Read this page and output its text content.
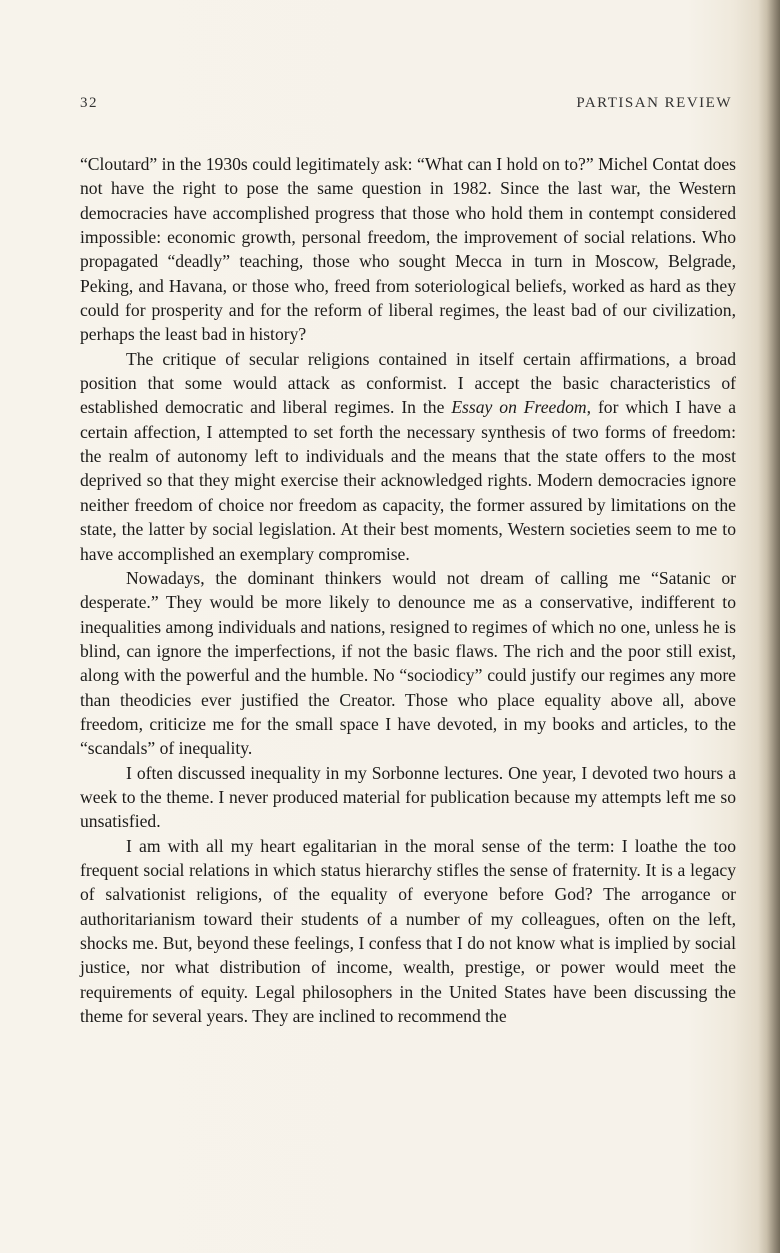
32	PARTISAN REVIEW

“Cloutard” in the 1930s could legitimately ask: “What can I hold on to?” Michel Contat does not have the right to pose the same question in 1982. Since the last war, the Western democracies have accomplished progress that those who hold them in contempt considered impossible: economic growth, personal freedom, the improvement of social relations. Who propagated “deadly” teaching, those who sought Mecca in turn in Moscow, Belgrade, Peking, and Havana, or those who, freed from soteriological beliefs, worked as hard as they could for prosperity and for the reform of liberal regimes, the least bad of our civilization, perhaps the least bad in history?

The critique of secular religions contained in itself certain affirmations, a broad position that some would attack as conformist. I accept the basic characteristics of established democratic and liberal regimes. In the Essay on Freedom, for which I have a certain affection, I attempted to set forth the necessary synthesis of two forms of freedom: the realm of autonomy left to individuals and the means that the state offers to the most deprived so that they might exercise their acknowledged rights. Modern democracies ignore neither freedom of choice nor freedom as capacity, the former assured by limitations on the state, the latter by social legislation. At their best moments, Western societies seem to me to have accomplished an exemplary compromise.

Nowadays, the dominant thinkers would not dream of calling me “Satanic or desperate.” They would be more likely to denounce me as a conservative, indifferent to inequalities among individuals and nations, resigned to regimes of which no one, unless he is blind, can ignore the imperfections, if not the basic flaws. The rich and the poor still exist, along with the powerful and the humble. No “sociodicy” could justify our regimes any more than theodicies ever justified the Creator. Those who place equality above all, above freedom, criticize me for the small space I have devoted, in my books and articles, to the “scandals” of inequality.

I often discussed inequality in my Sorbonne lectures. One year, I devoted two hours a week to the theme. I never produced material for publication because my attempts left me so unsatisfied.

I am with all my heart egalitarian in the moral sense of the term: I loathe the too frequent social relations in which status hierarchy stifles the sense of fraternity. It is a legacy of salvationist religions, of the equality of everyone before God? The arrogance or authoritarianism toward their students of a number of my colleagues, often on the left, shocks me. But, beyond these feelings, I confess that I do not know what is implied by social justice, nor what distribution of income, wealth, prestige, or power would meet the requirements of equity. Legal philosophers in the United States have been discussing the theme for several years. They are inclined to recommend the
